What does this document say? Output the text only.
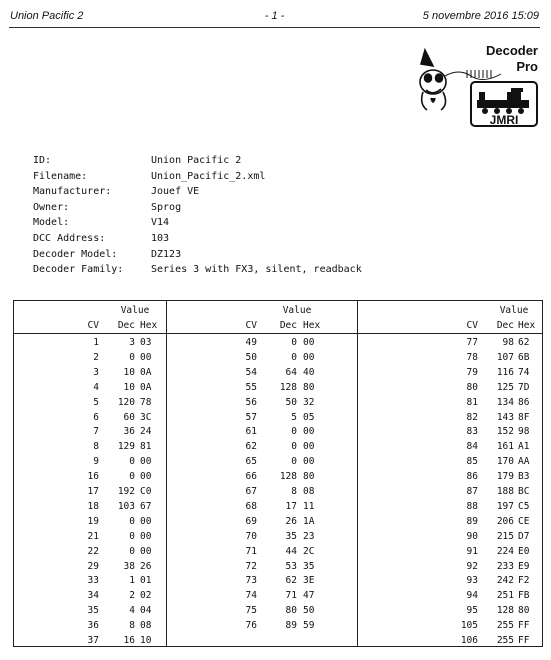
Union Pacific 2	- 1 -	5 novembre 2016 15:09
Decoder
Pro
JMRI
ID:	Union Pacific 2
Filename:	Union_Pacific_2.xml
Manufacturer:	Jouef VE
Owner:	Sprog
Model:	V14
DCC Address:	103
Decoder Model:	DZ123
Decoder Family:	Series 3 with FX3, silent, readback
Value
CV	Dec Hex
1	3 03
2	0 00
3	10 0A
4	10 0A
5	120 78
6	60 3C
7	36 24
8	129 81
9	0 00
16	0 00
17	192 C0
18	103 67
19	0 00
21	0 00
22	0 00
29	38 26
33	1 01
34	2 02
35	4 04
36	8 08
37	16 10
Value
CV	Dec Hex
49	0 00
50	0 00
54	64 40
55	128 80
56	50 32
57	5 05
61	0 00
62	0 00
65	0 00
66	128 80
67	8 08
68	17 11
69	26 1A
70	35 23
71	44 2C
72	53 35
73	62 3E
74	71 47
75	80 50
76	89 59
Value
CV	Dec Hex
77	98 62
78	107 6B
79	116 74
80	125 7D
81	134 86
82	143 8F
83	152 98
84	161 A1
85	170 AA
86	179 B3
87	188 BC
88	197 C5
89	206 CE
90	215 D7
91	224 E0
92	233 E9
93	242 F2
94	251 FB
95	128 80
105	255 FF
106	255 FF
